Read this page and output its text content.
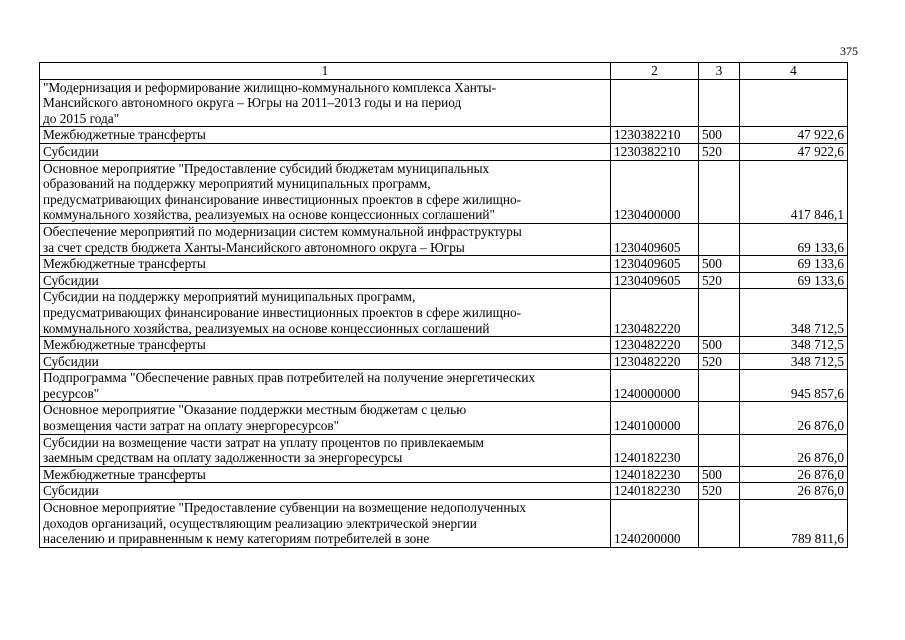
375
1	2	3	4
"Модернизация и реформирование жилищно-коммунального комплекса Ханты-
Мансийского автономного округа – Югры на 2011–2013 годы и на период
до 2015 года"			
Межбюджетные трансферты	1230382210	500	47 922,6
Субсидии	1230382210	520	47 922,6
Основное мероприятие "Предоставление субсидий бюджетам муниципальных
образований на поддержку мероприятий муниципальных программ,
предусматривающих финансирование инвестиционных проектов в сфере жилищно-
коммунального хозяйства, реализуемых на основе концессионных соглашений"	1230400000		417 846,1
Обеспечение мероприятий по модернизации систем коммунальной инфраструктуры
за счет средств бюджета Ханты-Мансийского автономного округа – Югры	1230409605		69 133,6
Межбюджетные трансферты	1230409605	500	69 133,6
Субсидии	1230409605	520	69 133,6
Субсидии на поддержку мероприятий муниципальных программ,
предусматривающих финансирование инвестиционных проектов в сфере жилищно-
коммунального хозяйства, реализуемых на основе концессионных соглашений	1230482220		348 712,5
Межбюджетные трансферты	1230482220	500	348 712,5
Субсидии	1230482220	520	348 712,5
Подпрограмма "Обеспечение равных прав потребителей на получение энергетических
ресурсов"	1240000000		945 857,6
Основное мероприятие "Оказание поддержки местным бюджетам с целью
возмещения части затрат на оплату энергоресурсов"	1240100000		26 876,0
Субсидии на возмещение части затрат на уплату процентов по привлекаемым
заемным средствам на оплату задолженности за энергоресурсы	1240182230		26 876,0
Межбюджетные трансферты	1240182230	500	26 876,0
Субсидии	1240182230	520	26 876,0
Основное мероприятие "Предоставление субвенции на возмещение недополученных
доходов организаций, осуществляющим реализацию электрической энергии
населению и приравненным к нему категориям потребителей в зоне	1240200000		789 811,6
